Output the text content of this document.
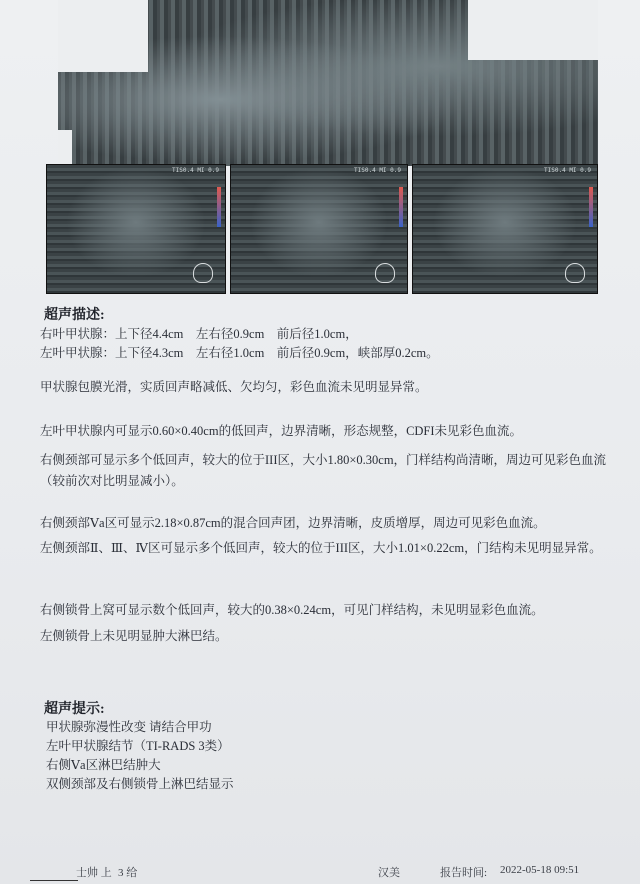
TIS0.4 MI 0.9	TIS0.4 MI 0.9	TIS0.4 MI 0.9
超声描述:
右叶甲状腺：上下径4.4cm    左右径0.9cm    前后径1.0cm，
左叶甲状腺：上下径4.3cm    左右径1.0cm    前后径0.9cm，峡部厚0.2cm。
甲状腺包膜光滑，实质回声略减低、欠均匀，彩色血流未见明显异常。
左叶甲状腺内可显示0.60×0.40cm的低回声，边界清晰，形态规整，CDFI未见彩色血流。
右侧颈部可显示多个低回声，较大的位于III区，大小1.80×0.30cm，门样结构尚清晰，周边可见彩色血流（较前次对比明显减小）。
右侧颈部Ⅴa区可显示2.18×0.87cm的混合回声团，边界清晰，皮质增厚，周边可见彩色血流。
左侧颈部Ⅱ、Ⅲ、Ⅳ区可显示多个低回声，较大的位于III区，大小1.01×0.22cm，门结构未见明显异常。
右侧锁骨上窝可显示数个低回声，较大的0.38×0.24cm，可见门样结构，未见明显彩色血流。
左侧锁骨上未见明显肿大淋巴结。
超声提示:
甲状腺弥漫性改变 请结合甲功
左叶甲状腺结节（TI-RADS 3类）
右侧Ⅴa区淋巴结肿大
双侧颈部及右侧锁骨上淋巴结显示
士帅 上 3 给	汉美	报告时间: 2022-05-18 09:51
